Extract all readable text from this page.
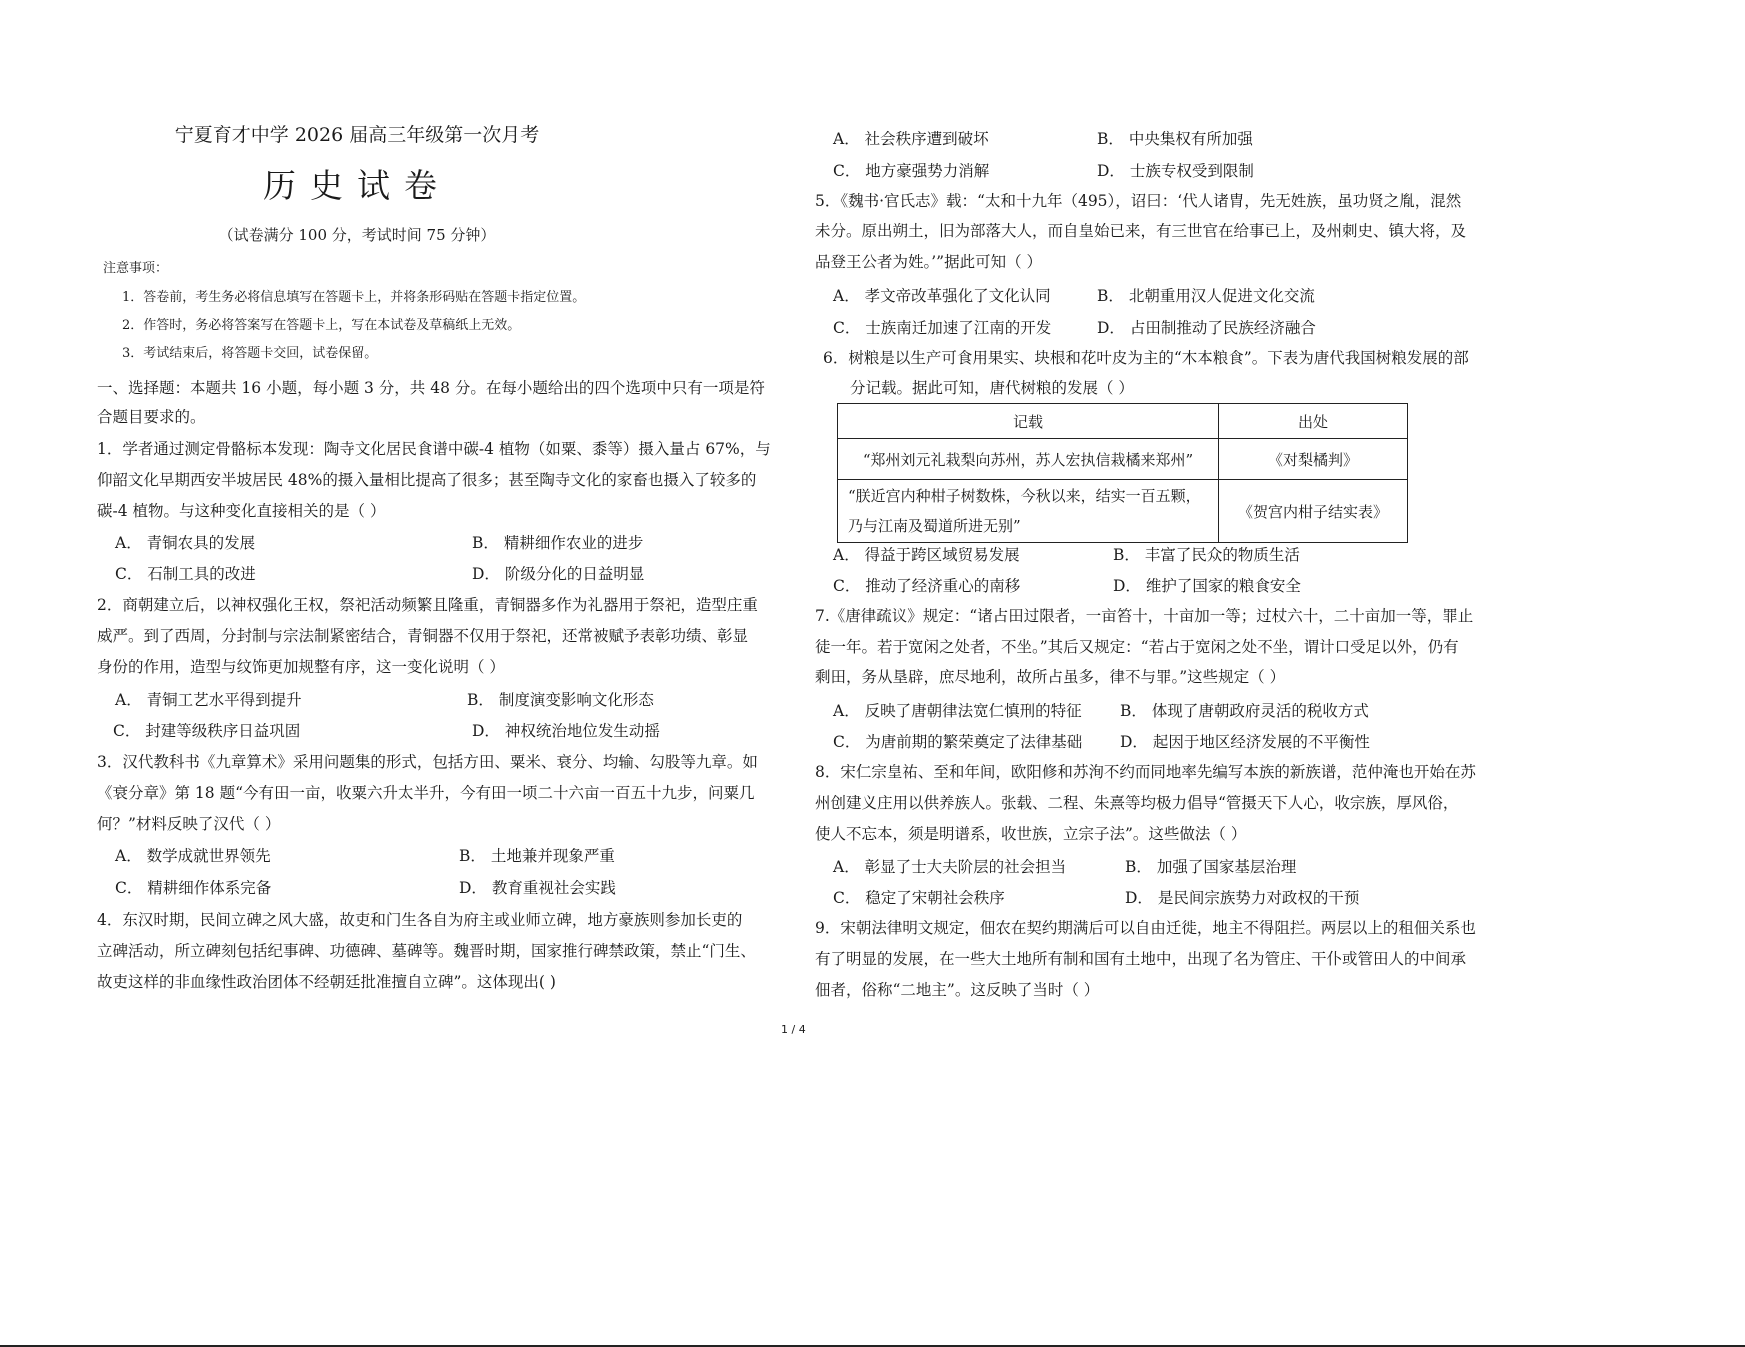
宁夏育才中学 2026 届高三年级第一次月考
历史试卷
（试卷满分 100 分，考试时间 75 分钟）
注意事项：
1．答卷前，考生务必将信息填写在答题卡上，并将条形码贴在答题卡指定位置。
2．作答时，务必将答案写在答题卡上，写在本试卷及草稿纸上无效。
3．考试结束后，将答题卡交回，试卷保留。
一、选择题：本题共 16 小题，每小题 3 分，共 48 分。在每小题给出的四个选项中只有一项是符
合题目要求的。
1．学者通过测定骨骼标本发现：陶寺文化居民食谱中碳-4 植物（如粟、黍等）摄入量占 67%，与
仰韶文化早期西安半坡居民 48%的摄入量相比提高了很多；甚至陶寺文化的家畜也摄入了较多的
碳-4 植物。与这种变化直接相关的是（ ）
A． 青铜农具的发展	B． 精耕细作农业的进步
C． 石制工具的改进	D． 阶级分化的日益明显
2．商朝建立后，以神权强化王权，祭祀活动频繁且隆重，青铜器多作为礼器用于祭祀，造型庄重
威严。到了西周，分封制与宗法制紧密结合，青铜器不仅用于祭祀，还常被赋予表彰功绩、彰显
身份的作用，造型与纹饰更加规整有序，这一变化说明（ ）
A． 青铜工艺水平得到提升	B． 制度演变影响文化形态
C． 封建等级秩序日益巩固	D． 神权统治地位发生动摇
3．汉代教科书《九章算术》采用问题集的形式，包括方田、粟米、衰分、均输、勾股等九章。如
《衰分章》第 18 题“今有田一亩，收粟六升太半升，今有田一顷二十六亩一百五十九步，问粟几
何？”材料反映了汉代（ ）
A． 数学成就世界领先	B． 土地兼并现象严重
C． 精耕细作体系完备	D． 教育重视社会实践
4．东汉时期，民间立碑之风大盛，故吏和门生各自为府主或业师立碑，地方豪族则参加长吏的
立碑活动，所立碑刻包括纪事碑、功德碑、墓碑等。魏晋时期，国家推行碑禁政策，禁止“门生、
故吏这样的非血缘性政治团体不经朝廷批准擅自立碑”。这体现出( )
A． 社会秩序遭到破坏	B． 中央集权有所加强
C． 地方豪强势力消解	D． 士族专权受到限制
5．《魏书·官氏志》载：“太和十九年（495），诏曰：‘代人诸胄，先无姓族，虽功贤之胤，混然
未分。原出朔土，旧为部落大人，而自皇始已来，有三世官在给事已上，及州刺史、镇大将，及
品登王公者为姓。’”据此可知（ ）
A． 孝文帝改革强化了文化认同	B． 北朝重用汉人促进文化交流
C． 士族南迁加速了江南的开发	D． 占田制推动了民族经济融合
6．树粮是以生产可食用果实、块根和花叶皮为主的“木本粮食”。下表为唐代我国树粮发展的部
分记载。据此可知，唐代树粮的发展（ ）
记载	出处
“郑州刘元礼栽梨向苏州，苏人宏执信栽橘来郑州”	《对梨橘判》
“朕近宫内种柑子树数株，今秋以来，结实一百五颗，
乃与江南及蜀道所进无别”	《贺宫内柑子结实表》
A． 得益于跨区域贸易发展	B． 丰富了民众的物质生活
C． 推动了经济重心的南移	D． 维护了国家的粮食安全
7.《唐律疏议》规定：“诸占田过限者，一亩笞十，十亩加一等；过杖六十，二十亩加一等，罪止
徒一年。若于宽闲之处者，不坐。”其后又规定：“若占于宽闲之处不坐，谓计口受足以外，仍有
剩田，务从垦辟，庶尽地利，故所占虽多，律不与罪。”这些规定（ ）
A． 反映了唐朝律法宽仁慎刑的特征 B． 体现了唐朝政府灵活的税收方式
C． 为唐前期的繁荣奠定了法律基础 D． 起因于地区经济发展的不平衡性
8．宋仁宗皇祐、至和年间，欧阳修和苏洵不约而同地率先编写本族的新族谱，范仲淹也开始在苏
州创建义庄用以供养族人。张载、二程、朱熹等均极力倡导“管摄天下人心，收宗族，厚风俗，
使人不忘本，须是明谱系，收世族，立宗子法”。这些做法（ ）
A． 彰显了士大夫阶层的社会担当	B． 加强了国家基层治理
C． 稳定了宋朝社会秩序	D． 是民间宗族势力对政权的干预
9．宋朝法律明文规定，佃农在契约期满后可以自由迁徙，地主不得阻拦。两层以上的租佃关系也
有了明显的发展，在一些大土地所有制和国有土地中，出现了名为管庄、干仆或管田人的中间承
佃者，俗称“二地主”。这反映了当时（ ）
1 / 4
